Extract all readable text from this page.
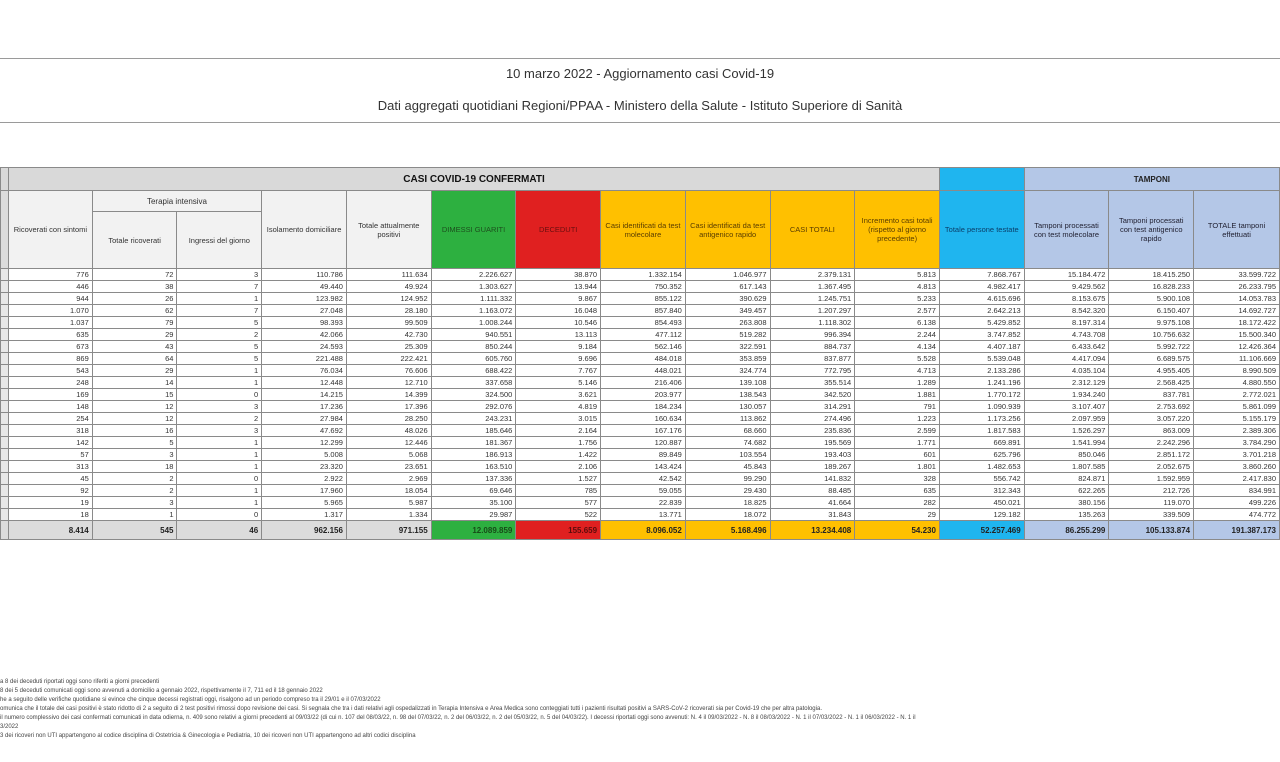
10 marzo 2022 - Aggiornamento casi Covid-19
Dati aggregati quotidiani Regioni/PPAA - Ministero della Salute - Istituto Superiore di Sanità
	CASI COVID-19 CONFERMATI												TAMPONI		
	Ricoverati con sintomi	Terapia intensiva		Isolamento domiciliare	Totale attualmente positivi	DIMESSI GUARITI	DECEDUTI	Casi identificati da test molecolare	Casi identificati da test antigenico rapido	CASI TOTALI	Incremento casi totali (rispetto al giorno precedente)	Totale persone testate	Tamponi processati con test molecolare	Tamponi processati con test antigenico rapido	TOTALE tamponi effettuati
		Totale ricoverati	Ingressi del giorno												
	776	72	3	110.786	111.634	2.226.627	38.870	1.332.154	1.046.977	2.379.131	5.813	7.868.767	15.184.472	18.415.250	33.599.722
	446	38	7	49.440	49.924	1.303.627	13.944	750.352	617.143	1.367.495	4.813	4.982.417	9.429.562	16.828.233	26.233.795
	944	26	1	123.982	124.952	1.111.332	9.867	855.122	390.629	1.245.751	5.233	4.615.696	8.153.675	5.900.108	14.053.783
	1.070	62	7	27.048	28.180	1.163.072	16.048	857.840	349.457	1.207.297	2.577	2.642.213	8.542.320	6.150.407	14.692.727
	1.037	79	5	98.393	99.509	1.008.244	10.546	854.493	263.808	1.118.302	6.138	5.429.852	8.197.314	9.975.108	18.172.422
	635	29	2	42.066	42.730	940.551	13.113	477.112	519.282	996.394	2.244	3.747.852	4.743.708	10.756.632	15.500.340
	673	43	5	24.593	25.309	850.244	9.184	562.146	322.591	884.737	4.134	4.407.187	6.433.642	5.992.722	12.426.364
	869	64	5	221.488	222.421	605.760	9.696	484.018	353.859	837.877	5.528	5.539.048	4.417.094	6.689.575	11.106.669
	543	29	1	76.034	76.606	688.422	7.767	448.021	324.774	772.795	4.713	2.133.286	4.035.104	4.955.405	8.990.509
	248	14	1	12.448	12.710	337.658	5.146	216.406	139.108	355.514	1.289	1.241.196	2.312.129	2.568.425	4.880.550
	169	15	0	14.215	14.399	324.500	3.621	203.977	138.543	342.520	1.881	1.770.172	1.934.240	837.781	2.772.021
	148	12	3	17.236	17.396	292.076	4.819	184.234	130.057	314.291	791	1.090.939	3.107.407	2.753.692	5.861.099
	254	12	2	27.984	28.250	243.231	3.015	160.634	113.862	274.496	1.223	1.173.256	2.097.959	3.057.220	5.155.179
	318	16	3	47.692	48.026	185.646	2.164	167.176	68.660	235.836	2.599	1.817.583	1.526.297	863.009	2.389.306
	142	5	1	12.299	12.446	181.367	1.756	120.887	74.682	195.569	1.771	669.891	1.541.994	2.242.296	3.784.290
	57	3	1	5.008	5.068	186.913	1.422	89.849	103.554	193.403	601	625.796	850.046	2.851.172	3.701.218
	313	18	1	23.320	23.651	163.510	2.106	143.424	45.843	189.267	1.801	1.482.653	1.807.585	2.052.675	3.860.260
	45	2	0	2.922	2.969	137.336	1.527	42.542	99.290	141.832	328	556.742	824.871	1.592.959	2.417.830
	92	2	1	17.960	18.054	69.646	785	59.055	29.430	88.485	635	312.343	622.265	212.726	834.991
	19	3	1	5.965	5.987	35.100	577	22.839	18.825	41.664	282	450.021	380.156	119.070	499.226
	18	1	0	1.317	1.334	29.987	522	13.771	18.072	31.843	29	129.182	135.263	339.509	474.772
	8.414	545	46	962.156	971.155	12.089.859	155.659	8.096.052	5.168.496	13.234.408	54.230	52.257.469	86.255.299	105.133.874	191.387.173
a 8 dei deceduti riportati oggi sono riferiti a giorni precedenti
8 dei 5 deceduti comunicati oggi sono avvenuti a domicilio a gennaio 2022, rispettivamente il 7, 711 ed il 18 gennaio 2022
he a seguito delle verifiche quotidiane si evince che cinque decessi registrati oggi, risalgono ad un periodo compreso tra il 29/01 e il 07/03/2022
omunica che il totale dei casi positivi è stato ridotto di 2 a seguito di 2 test positivi rimossi dopo revisione dei casi. Si segnala che tra i dati relativi agli ospedalizzati in Terapia Intensiva e Area Medica sono conteggiati tutti i pazienti risultati positivi a SARS-CoV-2 ricoverati sia per Covid-19 che per altra patologia.
il numero complessivo dei casi confermati comunicati in data odierna, n. 409 sono relativi a giorni precedenti al 09/03/22 (di cui n. 107 del 08/03/22, n. 98 del 07/03/22, n. 2 del 06/03/22, n. 2 del 05/03/22, n. 5 del 04/03/22). I decessi riportati oggi sono avvenuti: N. 4 il 09/03/2022 - N. 8 il 08/03/2022 - N. 1 il 07/03/2022 - N. 1 il 06/03/2022 - N. 1 il
3/2022
3 dei ricoveri non UTI appartengono al codice disciplina di Ostetricia & Ginecologia e Pediatria, 10 dei ricoveri non UTI appartengono ad altri codici disciplina
